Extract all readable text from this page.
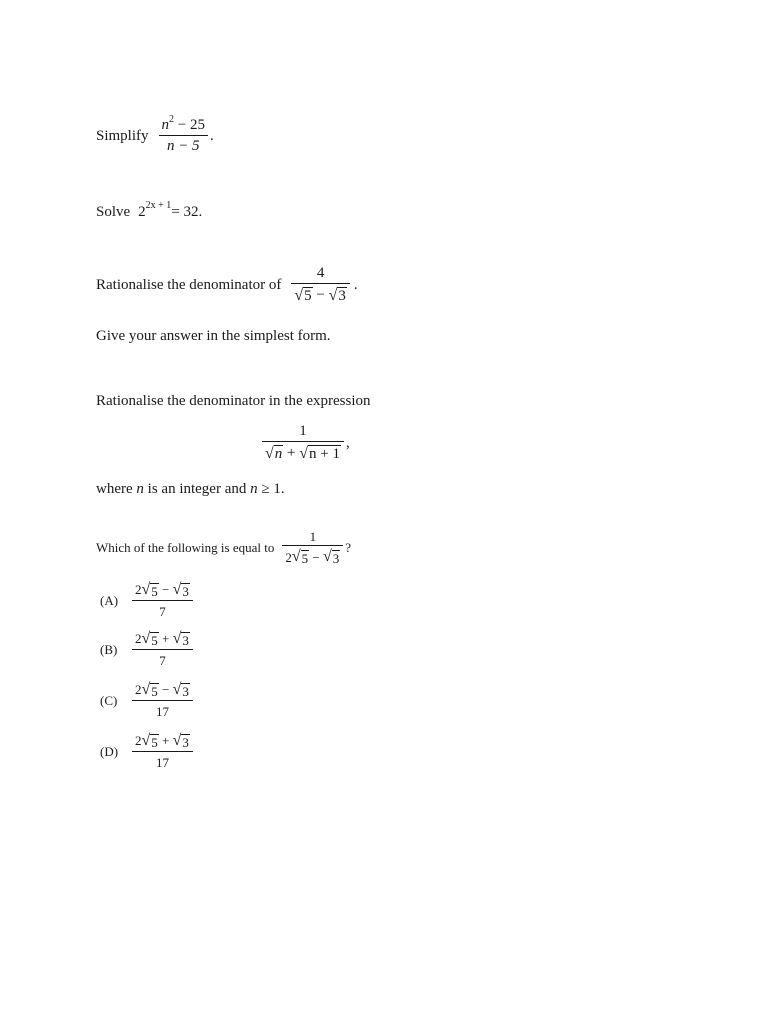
Simplify $\frac{n^2 - 25}{n - 5}$ .
Solve $2^{2x + 1} = 32$.
Rationalise the denominator of $\frac{4}{√ 5 - √ 3}$ .
Give your answer in the simplest form.
Rationalise the denominator in the expression
$\frac{1}{√ n + √ n + 1}$ ,
where n is an integer and n ≥ 1.
Which of the following is equal to $\frac{1}{2 √ 5 - √ 3}$ ?
(A)	$\frac{2 √ 5 - √ 3}{7}$
(B)	$\frac{2 √ 5 + √ 3}{7}$
(C)	$\frac{2 √ 5 - √ 3}{17}$
(D)	$\frac{2 √ 5 + √ 3}{17}$
